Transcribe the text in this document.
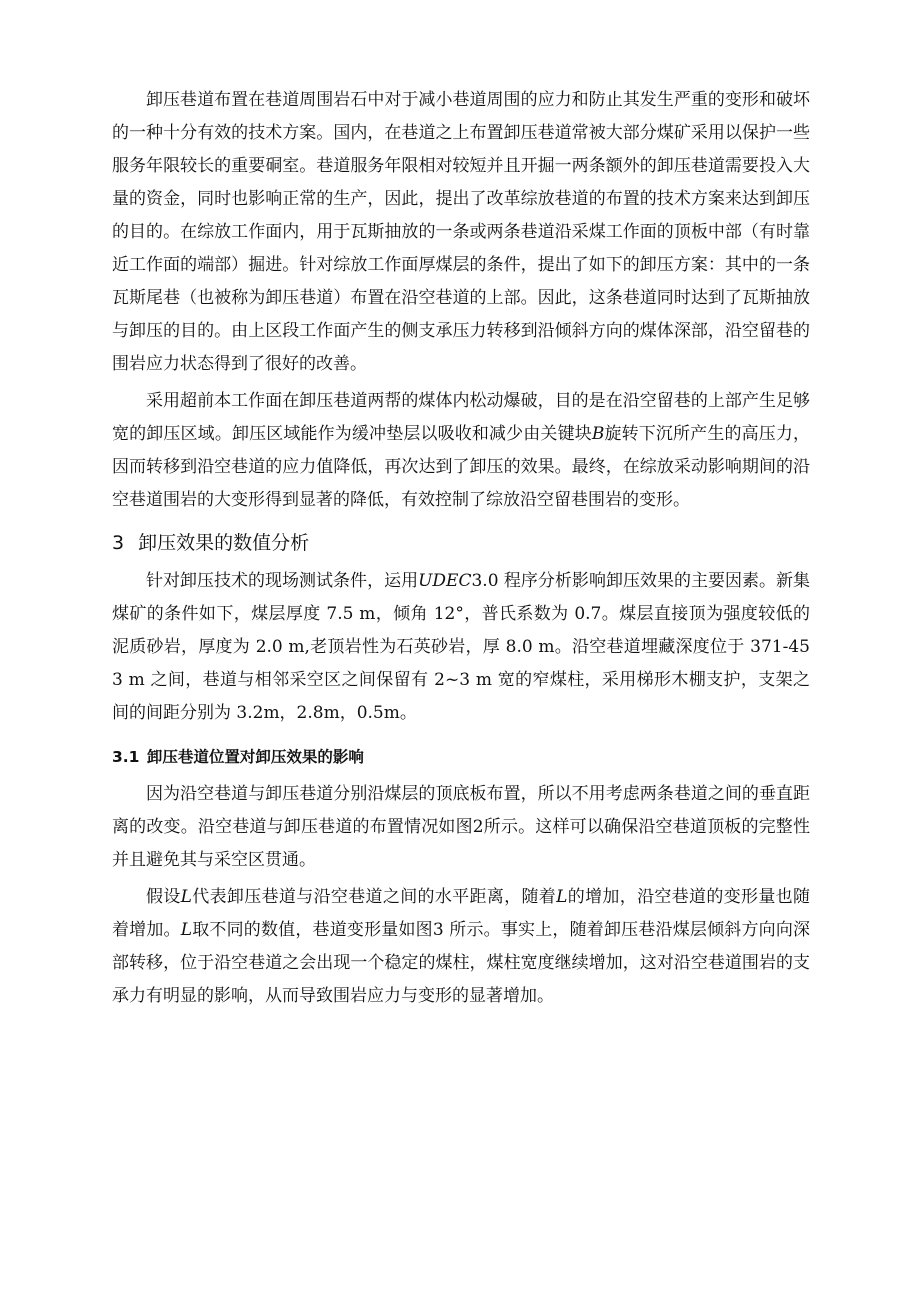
卸压巷道布置在巷道周围岩石中对于减小巷道周围的应力和防止其发生严重的变形和破坏的一种十分有效的技术方案。国内，在巷道之上布置卸压巷道常被大部分煤矿采用以保护一些服务年限较长的重要硐室。巷道服务年限相对较短并且开掘一两条额外的卸压巷道需要投入大量的资金，同时也影响正常的生产，因此，提出了改革综放巷道的布置的技术方案来达到卸压的目的。在综放工作面内，用于瓦斯抽放的一条或两条巷道沿采煤工作面的顶板中部（有时靠近工作面的端部）掘进。针对综放工作面厚煤层的条件，提出了如下的卸压方案：其中的一条瓦斯尾巷（也被称为卸压巷道）布置在沿空巷道的上部。因此，这条巷道同时达到了瓦斯抽放与卸压的目的。由上区段工作面产生的侧支承压力转移到沿倾斜方向的煤体深部，沿空留巷的围岩应力状态得到了很好的改善。

采用超前本工作面在卸压巷道两帮的煤体内松动爆破，目的是在沿空留巷的上部产生足够宽的卸压区域。卸压区域能作为缓冲垫层以吸收和减少由关键块B旋转下沉所产生的高压力，因而转移到沿空巷道的应力值降低，再次达到了卸压的效果。最终，在综放采动影响期间的沿空巷道围岩的大变形得到显著的降低，有效控制了综放沿空留巷围岩的变形。

3 卸压效果的数值分析

针对卸压技术的现场测试条件，运用UDEC3.0 程序分析影响卸压效果的主要因素。新集煤矿的条件如下，煤层厚度 7.5 m，倾角 12°，普氏系数为 0.7。煤层直接顶为强度较低的泥质砂岩，厚度为 2.0 m,老顶岩性为石英砂岩，厚 8.0 m。沿空巷道埋藏深度位于 371-453 m 之间，巷道与相邻采空区之间保留有 2~3 m 宽的窄煤柱，采用梯形木棚支护，支架之间的间距分别为 3.2m，2.8m，0.5m。

3.1 卸压巷道位置对卸压效果的影响

因为沿空巷道与卸压巷道分别沿煤层的顶底板布置，所以不用考虑两条巷道之间的垂直距离的改变。沿空巷道与卸压巷道的布置情况如图2所示。这样可以确保沿空巷道顶板的完整性并且避免其与采空区贯通。

假设L代表卸压巷道与沿空巷道之间的水平距离，随着L的增加，沿空巷道的变形量也随着增加。L取不同的数值，巷道变形量如图3 所示。事实上，随着卸压巷沿煤层倾斜方向向深部转移，位于沿空巷道之会出现一个稳定的煤柱，煤柱宽度继续增加，这对沿空巷道围岩的支承力有明显的影响，从而导致围岩应力与变形的显著增加。
